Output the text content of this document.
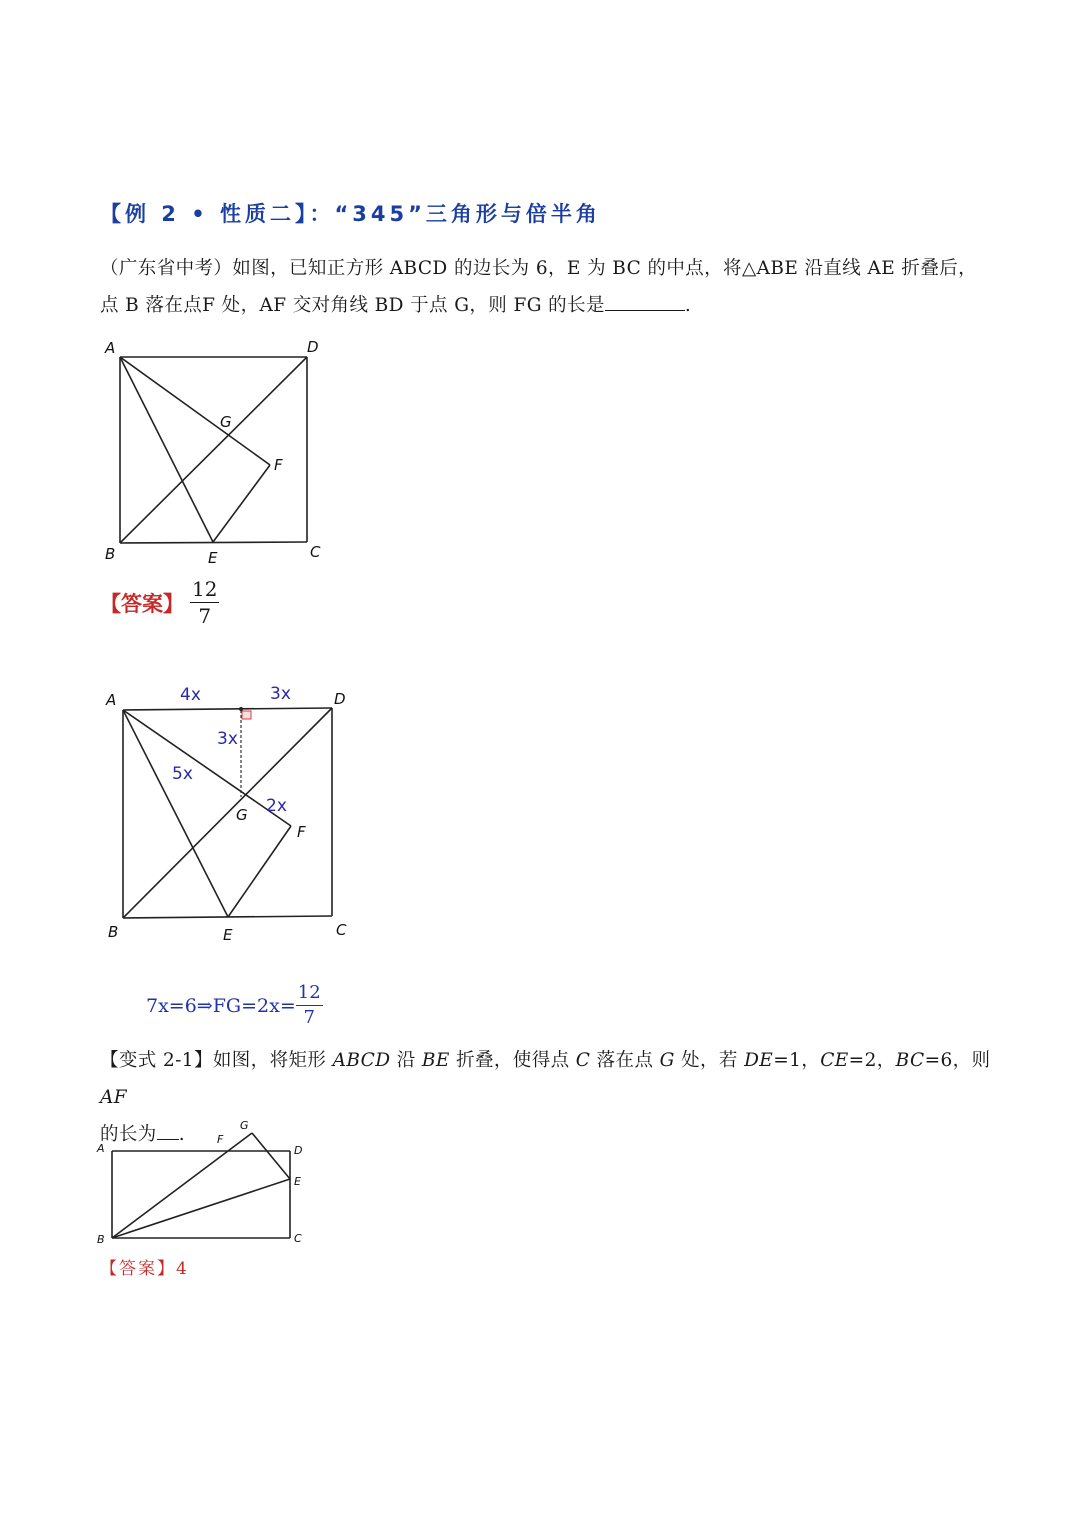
【例 2 • 性质二】：“345”三角形与倍半角
（广东省中考）如图，已知正方形 ABCD 的边长为 6，E 为 BC 的中点，将△ABE 沿直线 AE 折叠后，
点 B 落在点F 处，AF 交对角线 BD 于点 G，则 FG 的长是	.
A	D
B	C
E
F
G
【答案】 $\frac{12}{7}$
A	D
B	C
E
F
G
4x	3x
3x
5x
2x
7x=6⇒FG=2x= $\frac{12}{7}$
【变式 2-1】如图，将矩形 ABCD 沿 BE 折叠，使得点 C 落在点 G 处，若 DE=1，CE=2，BC=6，则 AF
的长为 .
A	D
E
C
B
F
G
【答案】4
